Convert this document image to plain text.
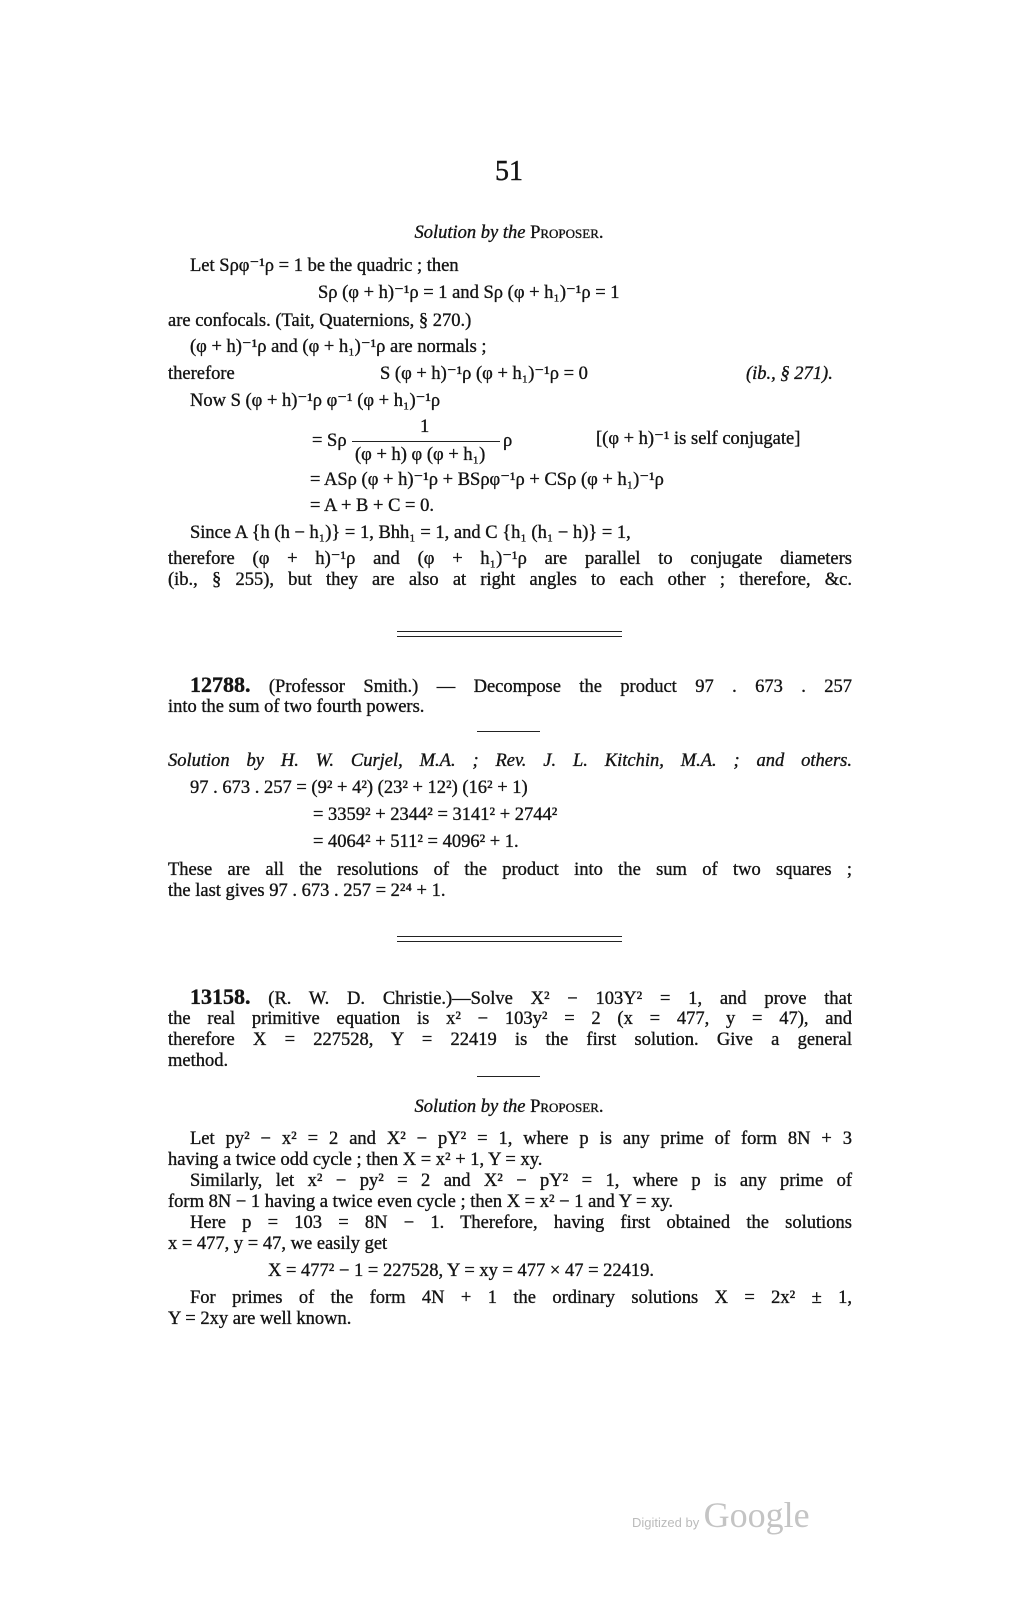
51
Solution by the Proposer.
Let Sρφ⁻¹ρ = 1 be the quadric ; then
Sρ (φ + h)⁻¹ρ = 1 and Sρ (φ + h₁)⁻¹ρ = 1
are confocals. (Tait, Quaternions, § 270.)
(φ + h)⁻¹ρ and (φ + h₁)⁻¹ρ are normals ;
therefore	S (φ + h)⁻¹ρ (φ + h₁)⁻¹ρ = 0	(ib., § 271).
Now S (φ + h)⁻¹ρ φ⁻¹ (φ + h₁)⁻¹ρ
1
= Sρ	ρ
(φ + h) φ (φ + h₁)
[(φ + h)⁻¹ is self conjugate]
= ASρ (φ + h)⁻¹ρ + BSρφ⁻¹ρ + CSρ (φ + h₁)⁻¹ρ
= A + B + C = 0.
Since A {h (h − h₁)} = 1, Bhh₁ = 1, and C {h₁ (h₁ − h)} = 1,
therefore (φ + h)⁻¹ρ and (φ + h₁)⁻¹ρ are parallel to conjugate diameters
(ib., § 255), but they are also at right angles to each other ; therefore, &c.
12788. (Professor Smith.) — Decompose the product 97 . 673 . 257
into the sum of two fourth powers.
Solution by H. W. Curjel, M.A. ; Rev. J. L. Kitchin, M.A. ; and others.
97 . 673 . 257 = (9² + 4²) (23² + 12²) (16² + 1)
= 3359² + 2344² = 3141² + 2744²
= 4064² + 511² = 4096² + 1.
These are all the resolutions of the product into the sum of two squares ;
the last gives 97 . 673 . 257 = 2²⁴ + 1.
13158. (R. W. D. Christie.)—Solve X² − 103Y² = 1, and prove that
the real primitive equation is x² − 103y² = 2 (x = 477, y = 47), and
therefore X = 227528, Y = 22419 is the first solution. Give a general
method.
Solution by the Proposer.
Let py² − x² = 2 and X² − pY² = 1, where p is any prime of form 8N + 3
having a twice odd cycle ; then X = x² + 1, Y = xy.
Similarly, let x² − py² = 2 and X² − pY² = 1, where p is any prime of
form 8N − 1 having a twice even cycle ; then X = x² − 1 and Y = xy.
Here p = 103 = 8N − 1. Therefore, having first obtained the solutions
x = 477, y = 47, we easily get
X = 477² − 1 = 227528, Y = xy = 477 × 47 = 22419.
For primes of the form 4N + 1 the ordinary solutions X = 2x² ± 1,
Y = 2xy are well known.
Digitized by Google
